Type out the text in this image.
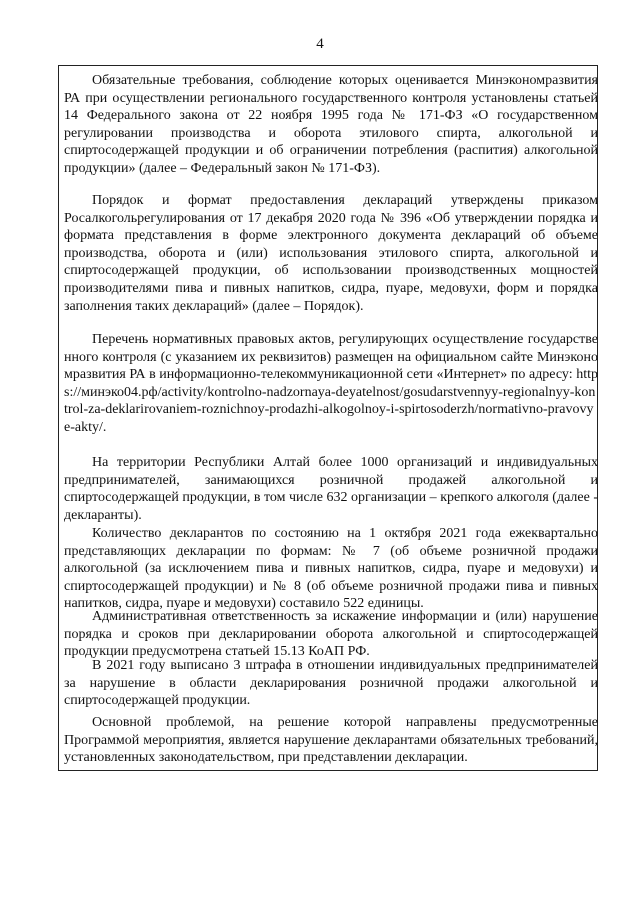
4

Обязательные требования, соблюдение которых оценивается Минэкономразвития РА при осуществлении регионального государственного контроля установлены статьей 14 Федерального закона от 22 ноября 1995 года № 171-ФЗ «О государственном регулировании производства и оборота этилового спирта, алкогольной и спиртосодержащей продукции и об ограничении потребления (распития) алкогольной продукции» (далее – Федеральный закон № 171-ФЗ).

Порядок и формат предоставления деклараций утверждены приказом Росалкогольрегулирования от 17 декабря 2020 года № 396 «Об утверждении порядка и формата представления в форме электронного документа деклараций об объеме производства, оборота и (или) использования этилового спирта, алкогольной и спиртосодержащей продукции, об использовании производственных мощностей производителями пива и пивных напитков, сидра, пуаре, медовухи, форм и порядка заполнения таких деклараций» (далее – Порядок).

Перечень нормативных правовых актов, регулирующих осуществление государственного контроля (с указанием их реквизитов) размещен на официальном сайте Минэкономразвития РА в информационно-телекоммуникационной сети «Интернет» по адресу: https://минэко04.рф/activity/kontrolno-nadzornaya-deyatelnost/gosudarstvennyy-regionalnyy-kontrol-za-deklarirovaniem-roznichnoy-prodazhi-alkogolnoy-i-spirtosoderzh/normativno-pravovye-akty/.

На территории Республики Алтай более 1000 организаций и индивидуальных предпринимателей, занимающихся розничной продажей алкогольной и спиртосодержащей продукции, в том числе 632 организации – крепкого алкоголя (далее - декларанты).

Количество декларантов по состоянию на 1 октября 2021 года ежеквартально представляющих декларации по формам: № 7 (об объеме розничной продажи алкогольной (за исключением пива и пивных напитков, сидра, пуаре и медовухи) и спиртосодержащей продукции) и № 8 (об объеме розничной продажи пива и пивных напитков, сидра, пуаре и медовухи) составило 522 единицы.

Административная ответственность за искажение информации и (или) нарушение порядка и сроков при декларировании оборота алкогольной и спиртосодержащей продукции предусмотрена статьей 15.13 КоАП РФ.

В 2021 году выписано 3 штрафа в отношении индивидуальных предпринимателей за нарушение в области декларирования розничной продажи алкогольной и спиртосодержащей продукции.

Основной проблемой, на решение которой направлены предусмотренные Программой мероприятия, является нарушение декларантами обязательных требований, установленных законодательством, при представлении декларации.
